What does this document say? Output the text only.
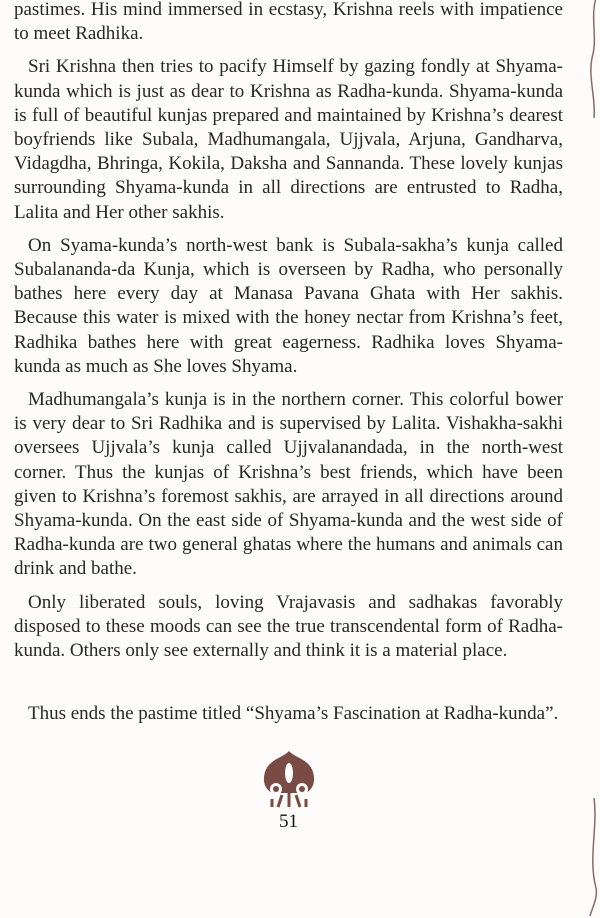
pastimes. His mind immersed in ecstasy, Krishna reels with impatience to meet Radhika.

Sri Krishna then tries to pacify Himself by gazing fondly at Shyama-kunda which is just as dear to Krishna as Radha-kunda. Shyama-kunda is full of beautiful kunjas prepared and maintained by Krishna’s dearest boyfriends like Subala, Madhumangala, Ujjvala, Arjuna, Gandharva, Vidagdha, Bhringa, Kokila, Daksha and Sannanda. These lovely kunjas surrounding Shyama-kunda in all directions are entrusted to Radha, Lalita and Her other sakhis.

On Syama-kunda’s north-west bank is Subala-sakha’s kunja called Subalananda-da Kunja, which is overseen by Radha, who personally bathes here every day at Manasa Pavana Ghata with Her sakhis. Because this water is mixed with the honey nectar from Krishna’s feet, Radhika bathes here with great eagerness. Radhika loves Shyama-kunda as much as She loves Shyama.

Madhumangala’s kunja is in the northern corner. This colorful bower is very dear to Sri Radhika and is supervised by Lalita. Vishakha-sakhi oversees Ujjvala’s kunja called Ujjvalanandada, in the north-west corner. Thus the kunjas of Krishna’s best friends, which have been given to Krishna’s foremost sakhis, are arrayed in all directions around Shyama-kunda. On the east side of Shyama-kunda and the west side of Radha-kunda are two general ghatas where the humans and animals can drink and bathe.

Only liberated souls, loving Vrajavasis and sadhakas favorably disposed to these moods can see the true transcendental form of Radha-kunda. Others only see externally and think it is a material place.

Thus ends the pastime titled “Shyama’s Fascination at Radha-kunda”.

51
